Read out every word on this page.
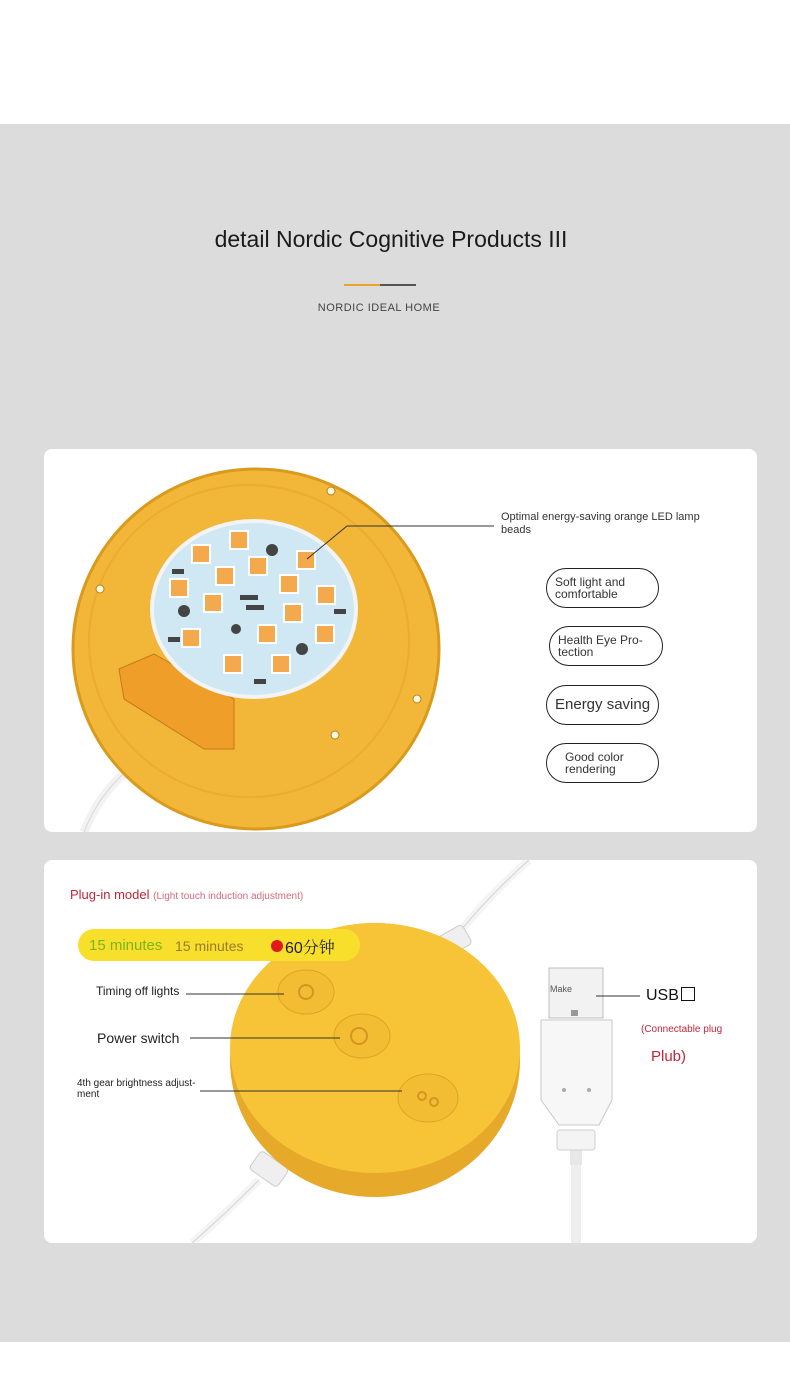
detail Nordic Cognitive Products III
NORDIC IDEAL HOME
Optimal energy-saving orange LED lamp beads
Soft light and comfortable
Health Eye Pro-tection
Energy saving
Good color rendering
Plug-in model (Light touch induction adjustment)
15 minutes 15 minutes	60分钟
Timing off lights
Power switch
4th gear brightness adjust-ment
Make	USB
(Connectable plug
Plub)
